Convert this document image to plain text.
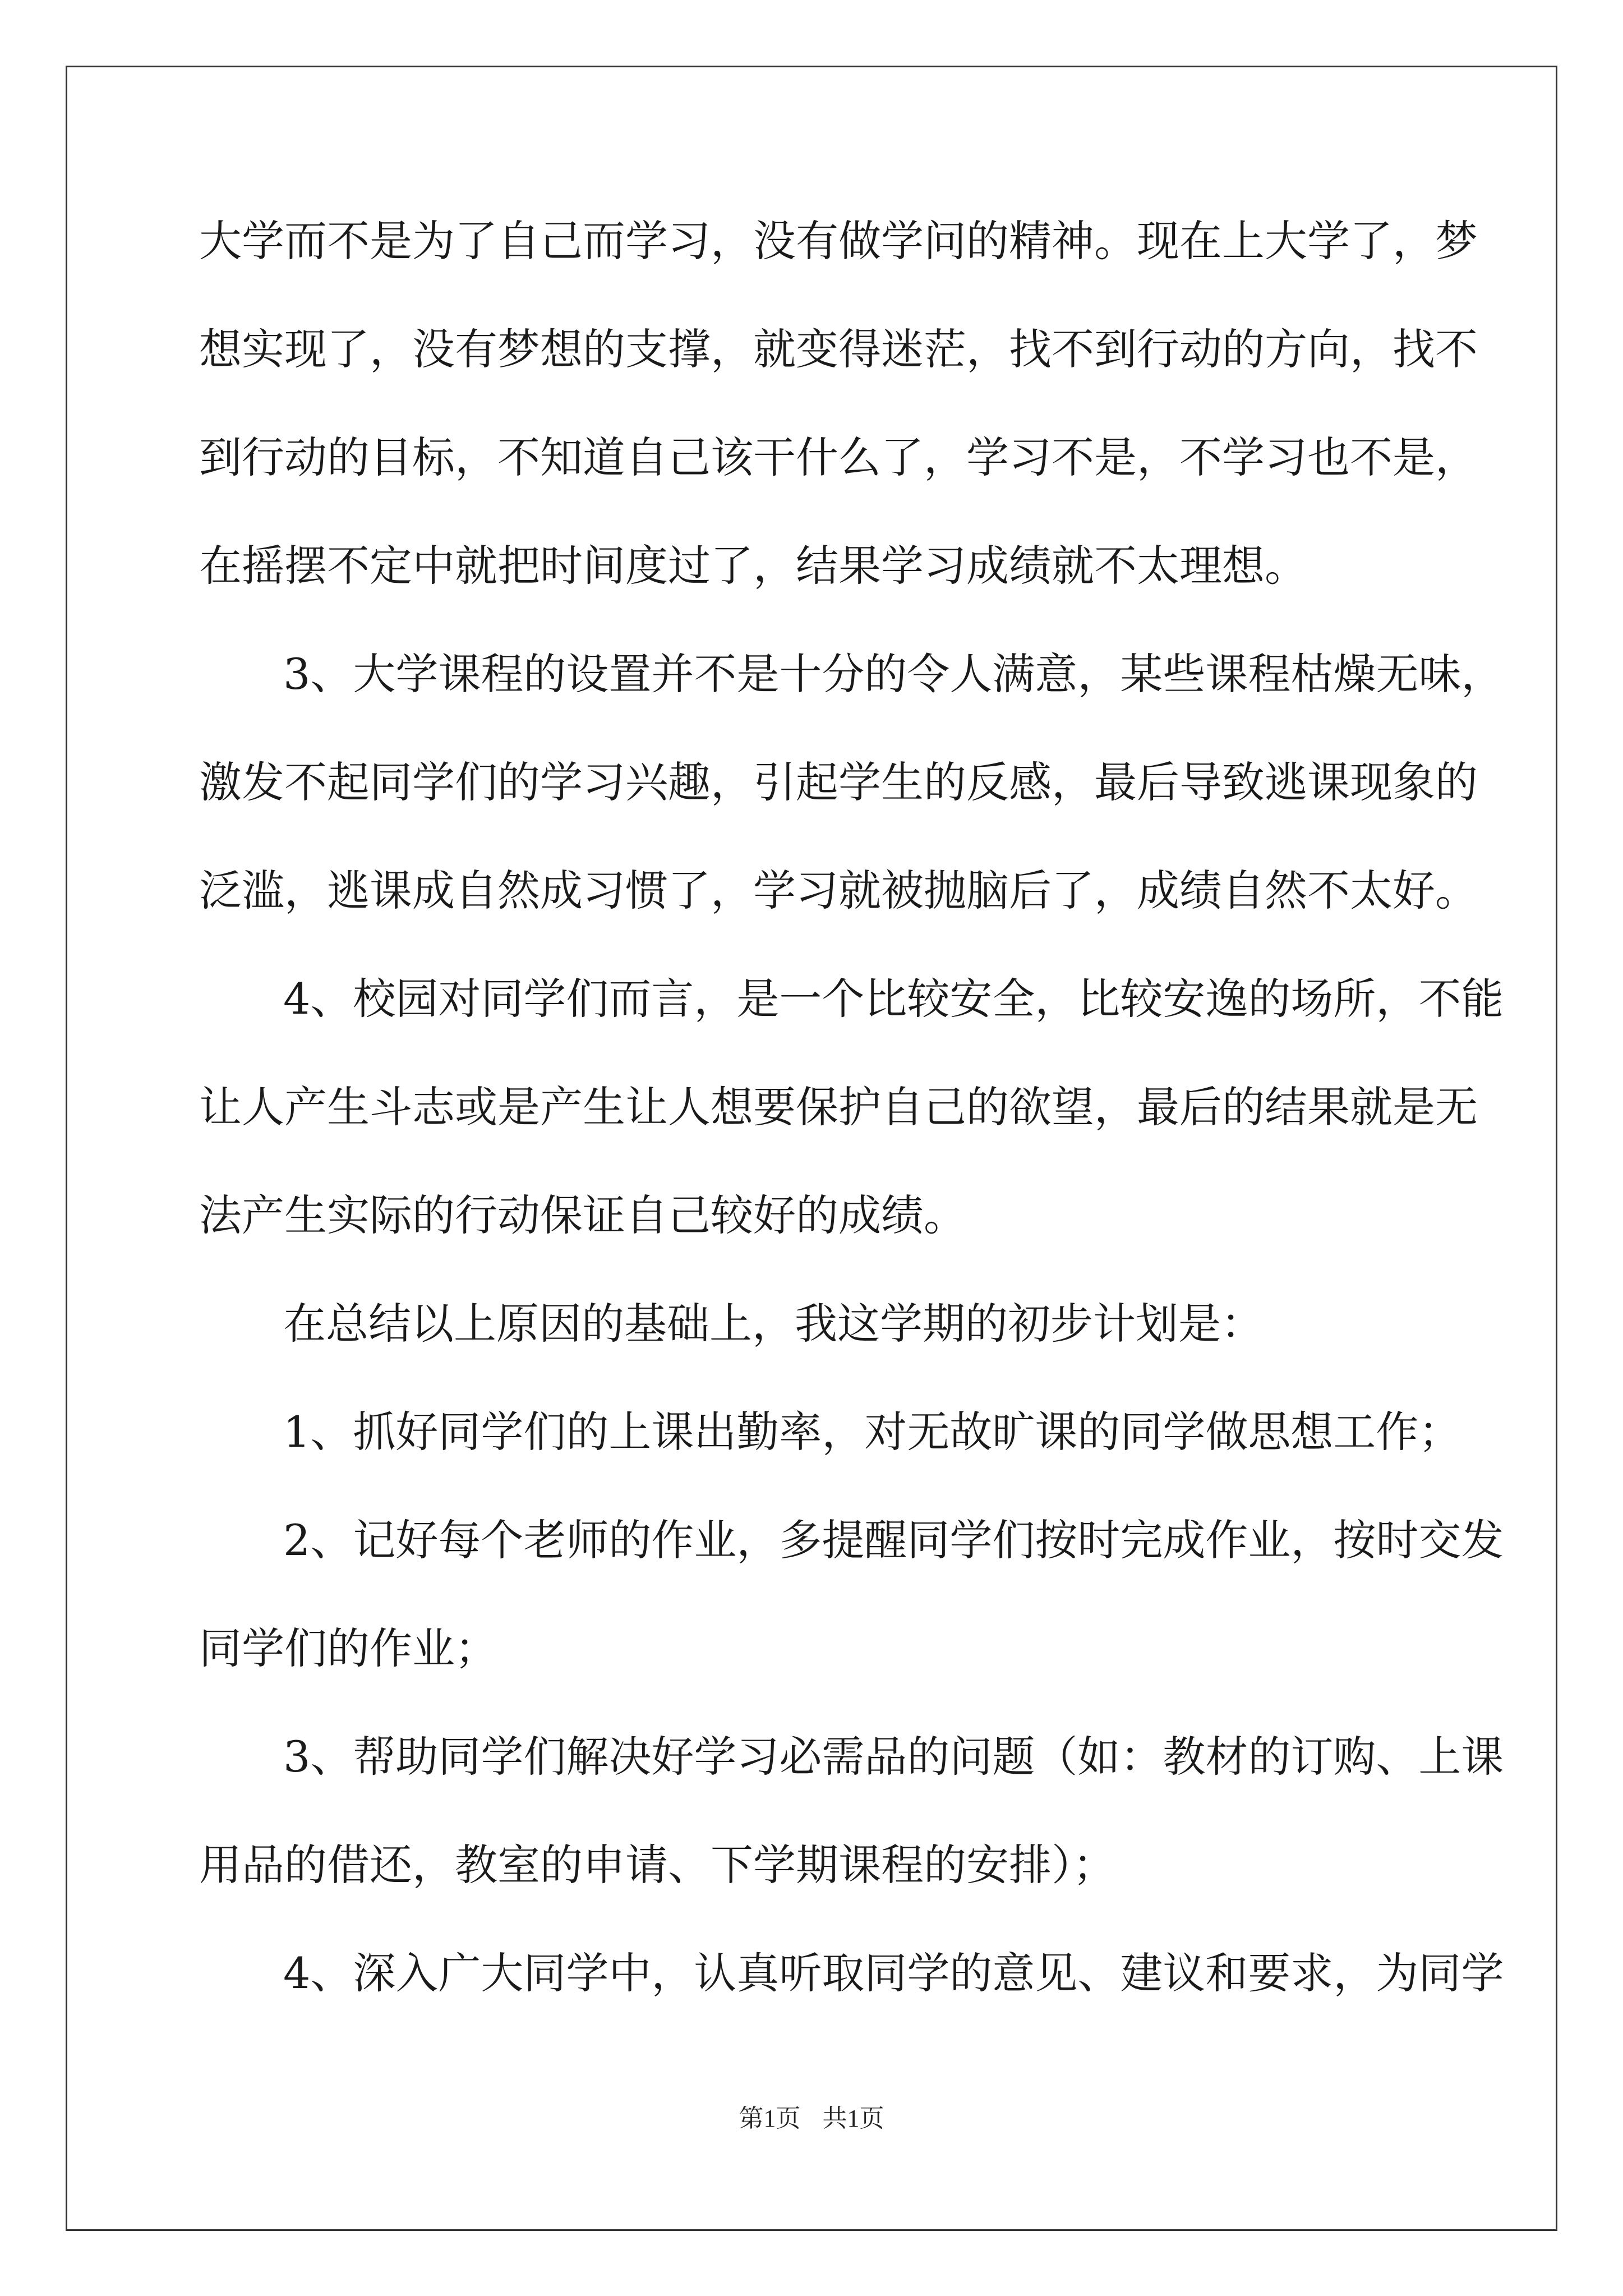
大学而不是为了自己而学习，没有做学问的精神。现在上大学了，梦
想实现了，没有梦想的支撑，就变得迷茫，找不到行动的方向，找不
到行动的目标，不知道自己该干什么了，学习不是，不学习也不是，
在摇摆不定中就把时间度过了，结果学习成绩就不太理想。
3、大学课程的设置并不是十分的令人满意，某些课程枯燥无味，
激发不起同学们的学习兴趣，引起学生的反感，最后导致逃课现象的
泛滥，逃课成自然成习惯了，学习就被抛脑后了，成绩自然不太好。
4、校园对同学们而言，是一个比较安全，比较安逸的场所，不能
让人产生斗志或是产生让人想要保护自己的欲望，最后的结果就是无
法产生实际的行动保证自己较好的成绩。
在总结以上原因的基础上，我这学期的初步计划是：
1、抓好同学们的上课出勤率，对无故旷课的同学做思想工作；
2、记好每个老师的作业，多提醒同学们按时完成作业，按时交发
同学们的作业；
3、帮助同学们解决好学习必需品的问题（如：教材的订购、上课
用品的借还，教室的申请、下学期课程的安排）；
4、深入广大同学中，认真听取同学的意见、建议和要求，为同学
第1页 共1页
